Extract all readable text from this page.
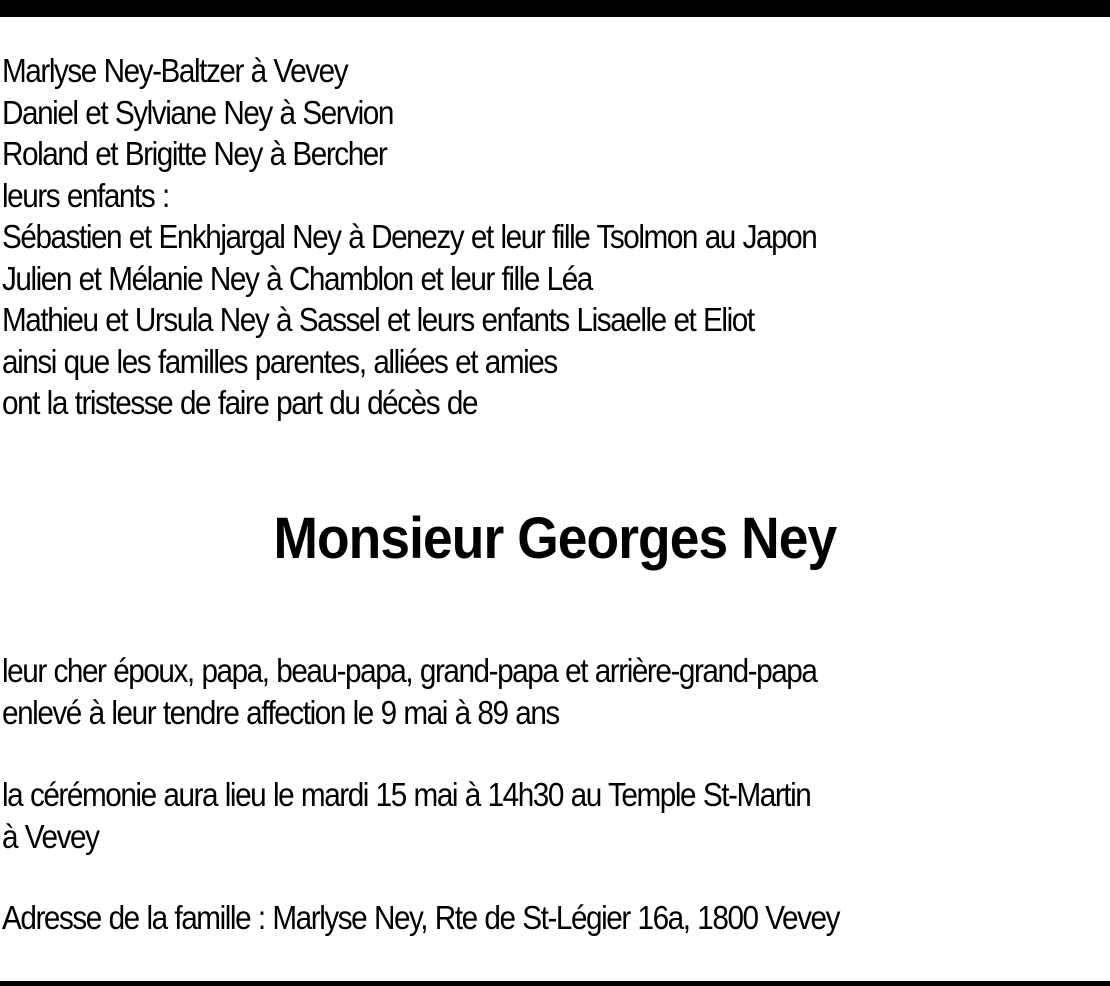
Marlyse Ney-Baltzer à Vevey
Daniel et Sylviane Ney à Servion
Roland et Brigitte Ney à Bercher
leurs enfants :
Sébastien et Enkhjargal Ney à Denezy et leur fille Tsolmon au Japon
Julien et Mélanie Ney à Chamblon et leur fille Léa
Mathieu et Ursula Ney à Sassel et leurs enfants Lisaelle et Eliot
ainsi que les familles parentes, alliées et amies
ont la tristesse de faire part du décès de
Monsieur Georges Ney
leur cher époux, papa, beau-papa, grand-papa et arrière-grand-papa
enlevé à leur tendre affection le 9 mai à 89 ans
la cérémonie aura lieu le mardi 15 mai à 14h30 au Temple St-Martin
à Vevey
Adresse de la famille : Marlyse Ney, Rte de St-Légier 16a, 1800 Vevey
